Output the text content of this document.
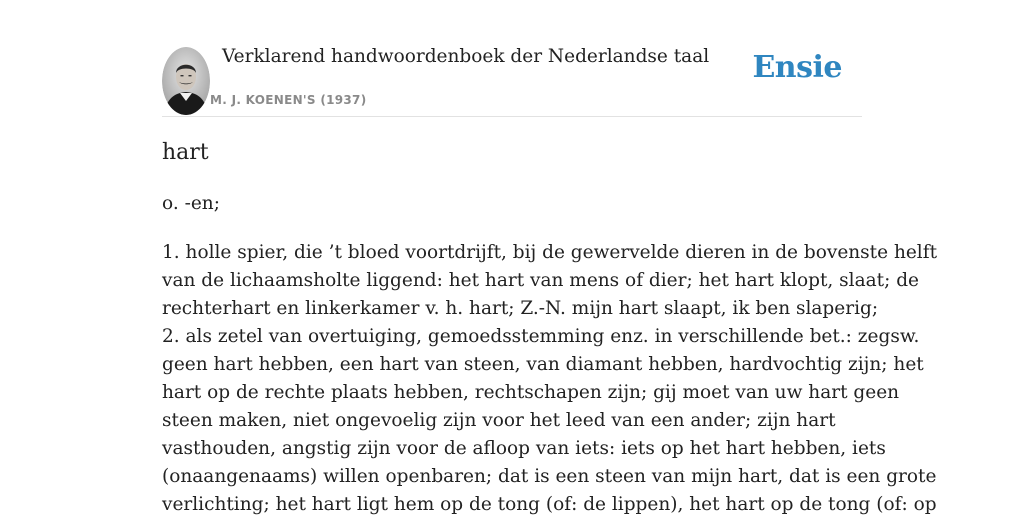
Verklarend handwoordenboek der Nederlandse taal
M. J. KOENEN'S (1937)
Ensie
hart

o. -en;

1. holle spier, die ’t bloed voortdrijft, bij de gewervelde dieren in de bovenste helft
van de lichaamsholte liggend: het hart van mens of dier; het hart klopt, slaat; de
rechterhart en linkerkamer v. h. hart; Z.-N. mijn hart slaapt, ik ben slaperig;
2. als zetel van overtuiging, gemoedsstemming enz. in verschillende bet.: zegsw.
geen hart hebben, een hart van steen, van diamant hebben, hardvochtig zijn; het
hart op de rechte plaats hebben, rechtschapen zijn; gij moet van uw hart geen
steen maken, niet ongevoelig zijn voor het leed van een ander; zijn hart
vasthouden, angstig zijn voor de afloop van iets: iets op het hart hebben, iets
(onaangenaams) willen openbaren; dat is een steen van mijn hart, dat is een grote
verlichting; het hart ligt hem op de tong (of: de lippen), het hart op de tong (of: op
